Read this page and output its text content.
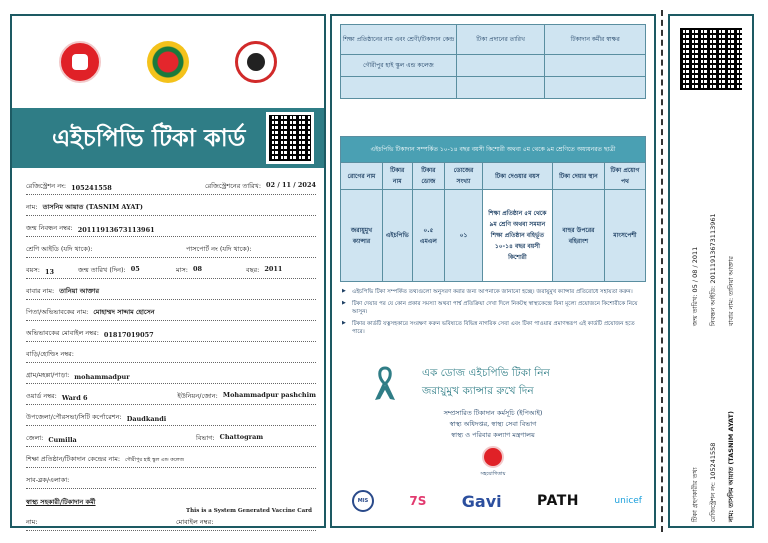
এইচপিভি টিকা কার্ড
রেজিস্ট্রেশন নং: 105241558	রেজিস্ট্রেশনের তারিখ: 02 / 11 / 2024
নাম: তাসনিম আয়াত (TASNIM AYAT)
জন্ম নিবন্ধন নম্বর: 20111913673113961
শ্রেণি আইডি (যদি থাকে):	পাসপোর্ট নং (যদি থাকে):
বয়স: 13	জন্ম তারিখ (দিন): 05	মাস: 08	বছর: 2011
বাবার নাম: তানিয়া আক্তার
পিতা/অভিভাবকের নাম: মোহাম্মদ সাদ্দাম হোসেন
অভিভাবকের মোবাইল নম্বর: 01817019057
বাড়ি/হোল্ডিং নম্বর:
গ্রাম/মহল্লা/পাড়া: mohammadpur
ওয়ার্ড নম্বর: Ward 6	ইউনিয়ন/জোন: Mohammadpur pashchim
উপজেলা/পৌরসভা/সিটি কর্পোরেশন: Daudkandi
জেলা: Cumilla	বিভাগ: Chattogram
শিক্ষা প্রতিষ্ঠান/টিকাদান কেন্দ্রের নাম: গৌরীপুর হাই স্কুল এন্ড কলেজ
সাব-ব্লক/এলাকা:
স্বাস্থ্য সহকারী/টিকাদান কর্মী
নাম:	মোবাইল নম্বর:
This is a System Generated Vaccine Card
শিক্ষা প্রতিষ্ঠানের নাম এবং শ্রেণী/টিকাদান কেন্দ্র	টিকা প্রদানের তারিখ	টিকাদান কর্মীর স্বাক্ষর
গৌরীপুর হাই স্কুল এন্ড কলেজ		

এইচপিভি টিকাদান সম্পর্কিত ১০-১৪ বছর বয়সী কিশোরী অথবা ৫ম থেকে ৯ম শ্রেণিতে অধ্যয়নরত ছাত্রী						
রোগের নাম	টিকার নাম	টিকার ডোজ	ডোজের সংখ্যা	টিকা দেওয়ার বয়স	টিকা দেয়ার স্থান	টিকা প্রয়োগ পথ
জরায়ুমুখ ক্যান্সার	এইচপিভি	০.৫ এমএল	০১	শিক্ষা প্রতিষ্ঠান ৫ম থেকে ৯ম শ্রেণি অথবা সমমান শিক্ষা প্রতিষ্ঠান বহির্ভূত ১০-১৪ বছর বয়সী কিশোরী	বাহুর উপরের বহিরাংশ	মাংসপেশী
▶ এইচপিভি টিকা সম্পর্কিত তথ্যগুলো অনুসরণ করার জন্য আপনাকে জানানো হচ্ছে। জরায়ুমুখ ক্যান্সার প্রতিরোধে সহায়তা করুন।
▶ টিকা দেয়ার পর যে কোন প্রকার সমস্যা অথবা পার্শ্ব প্রতিক্রিয়া দেখা দিলে নিকটস্থ স্বাস্থ্যকেন্দ্রে বিনা মূল্যে প্রয়োজনে কিশোরীকে নিয়ে আসুন।
▶ টিকার কার্ডটি যত্নসহকারে সংরক্ষণ করুন ভবিষ্যতে বিভিন্ন নাগরিক সেবা এবং টিকা পাওয়ার প্রমাণস্বরূপ এই কার্ডটি প্রয়োজন হতে পারে।
এক ডোজ এইচপিভি টিকা নিন
জরায়ুমুখ ক্যান্সার রুখে দিন
সম্প্রসারিত টিকাদান কর্মসূচি (ইপিআই)
স্বাস্থ্য অধিদপ্তর, স্বাস্থ্য সেবা বিভাগ
স্বাস্থ্য ও পরিবার কল্যাণ মন্ত্রণালয়
সহযোগিতায়
MIS	7S Gavi	PATH	unicef
জন্ম তারিখ: 05 / 08 / 2011	নিবন্ধন আইডি: 20111913673113961	বাবার নাম: তানিয়া আক্তার
টিকা গ্রহণকারীর তথ্য	রেজিস্ট্রেশন নং: 105241558	নাম: তাসনিম আয়াত (TASNIM AYAT)
